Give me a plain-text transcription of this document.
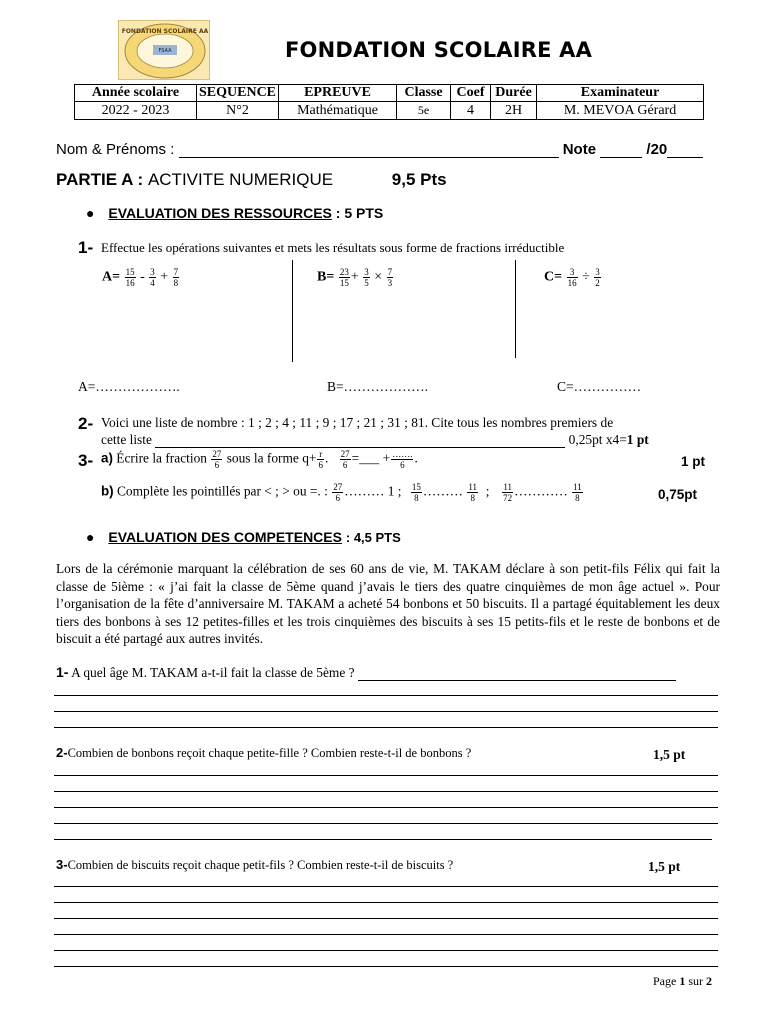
FSAA
FONDATION SCOLAIRE AA
FONDATION SCOLAIRE AA
Année scolaire	SEQUENCE	EPREUVE	Classe	Coef	Durée	Examinateur
2022 - 2023	N°2	Mathématique	5e	4	2H	M. MEVOA Gérard
Nom & Prénoms :	Note	/20
PARTIE A : ACTIVITE NUMERIQUE	9,5 Pts
● EVALUATION DES RESSOURCES : 5 PTS
1- Effectue les opérations suivantes et mets les résultats sous forme de fractions irréductible
$A= \frac{15}{16} - \frac{3}{4} + \frac{7}{8}$	$B= \frac{23}{15} + \frac{3}{5} \times \frac{7}{3}$	$C= \frac{3}{16} \div \frac{3}{2}$
A=……………….	B=……………….	C=……………
2- Voici une liste de nombre : 1 ; 2 ; 4 ; 11 ; 9 ; 17 ; 21 ; 31 ; 81. Cite tous les nombres premiers de
cette liste	0,25pt x4=1 pt
3- a) Écrire la fraction $\frac{27}{6}$ sous la forme $q+ \frac{r}{6}$ . $\frac{27}{6}$ =___ + $\frac{\dots\dots.}{6}$ .	1 pt
b) Complète les pointillés par < ; > ou =. : $\frac{27}{6}$ ……… 1 ; $\frac{15}{8}$ ……… $\frac{11}{8}$ ; $\frac{11}{72}$ ………… $\frac{11}{8}$	0,75pt
● EVALUATION DES COMPETENCES : 4,5 PTS
Lors de la cérémonie marquant la célébration de ses 60 ans de vie, M. TAKAM déclare à son petit-fils Félix qui fait la classe de 5ième : « j’ai fait la classe de 5ème quand j’avais le tiers des quatre cinquièmes de mon âge actuel ». Pour l’organisation de la fête d’anniversaire M. TAKAM a acheté 54 bonbons et 50 biscuits. Il a partagé équitablement les deux tiers des bonbons à ses 12 petites-filles et les trois cinquièmes des biscuits à ses 15 petits-fils et le reste de bonbons et de biscuit a été partagé aux autres invités.
1- A quel âge M. TAKAM a-t-il fait la classe de 5ème ?
2-Combien de bonbons reçoit chaque petite-fille ? Combien reste-t-il de bonbons ?	1,5 pt
3-Combien de biscuits reçoit chaque petit-fils ? Combien reste-t-il de biscuits ?	1,5 pt
Page 1 sur 2
